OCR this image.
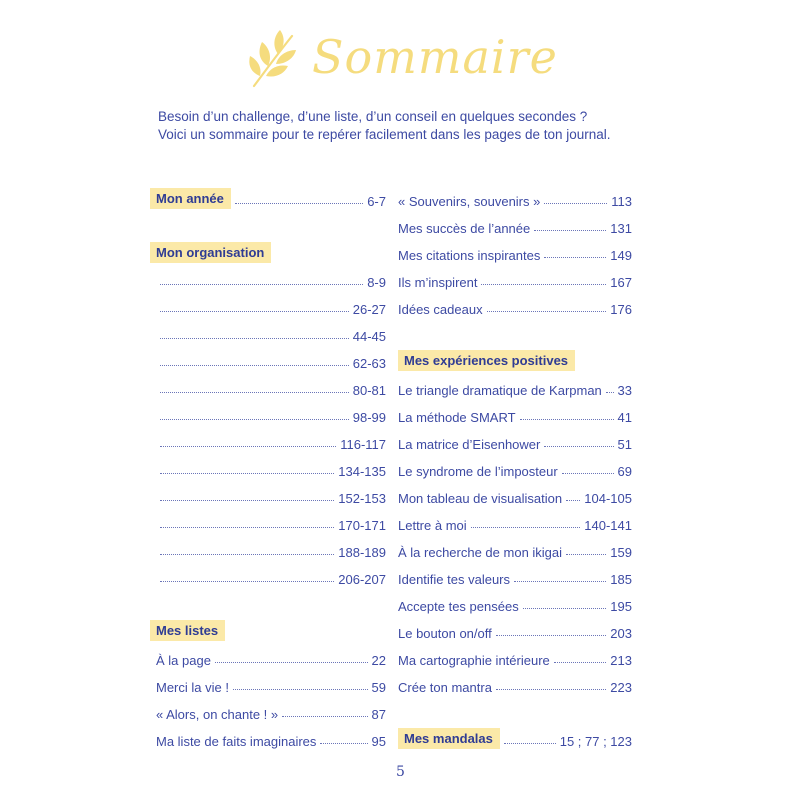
Sommaire
Besoin d’un challenge, d’une liste, d’un conseil en quelques secondes ?
Voici un sommaire pour te repérer facilement dans les pages de ton journal.
Mon année	6-7
Mon organisation
8-9
26-27
44-45
62-63
80-81
98-99
116-117
134-135
152-153
170-171
188-189
206-207
Mes listes
À la page	22
Merci la vie !	59
« Alors, on chante ! »	87
Ma liste de faits imaginaires	95
« Souvenirs, souvenirs »	113
Mes succès de l’année	131
Mes citations inspirantes	149
Ils m’inspirent	167
Idées cadeaux	176
Mes expériences positives
Le triangle dramatique de Karpman 33
La méthode SMART	41
La matrice d’Eisenhower	51
Le syndrome de l’imposteur	69
Mon tableau de visualisation 104-105
Lettre à moi	140-141
À la recherche de mon ikigai	159
Identifie tes valeurs	185
Accepte tes pensées	195
Le bouton on/off	203
Ma cartographie intérieure	213
Crée ton mantra	223
Mes mandalas	15 ; 77 ; 123
5
